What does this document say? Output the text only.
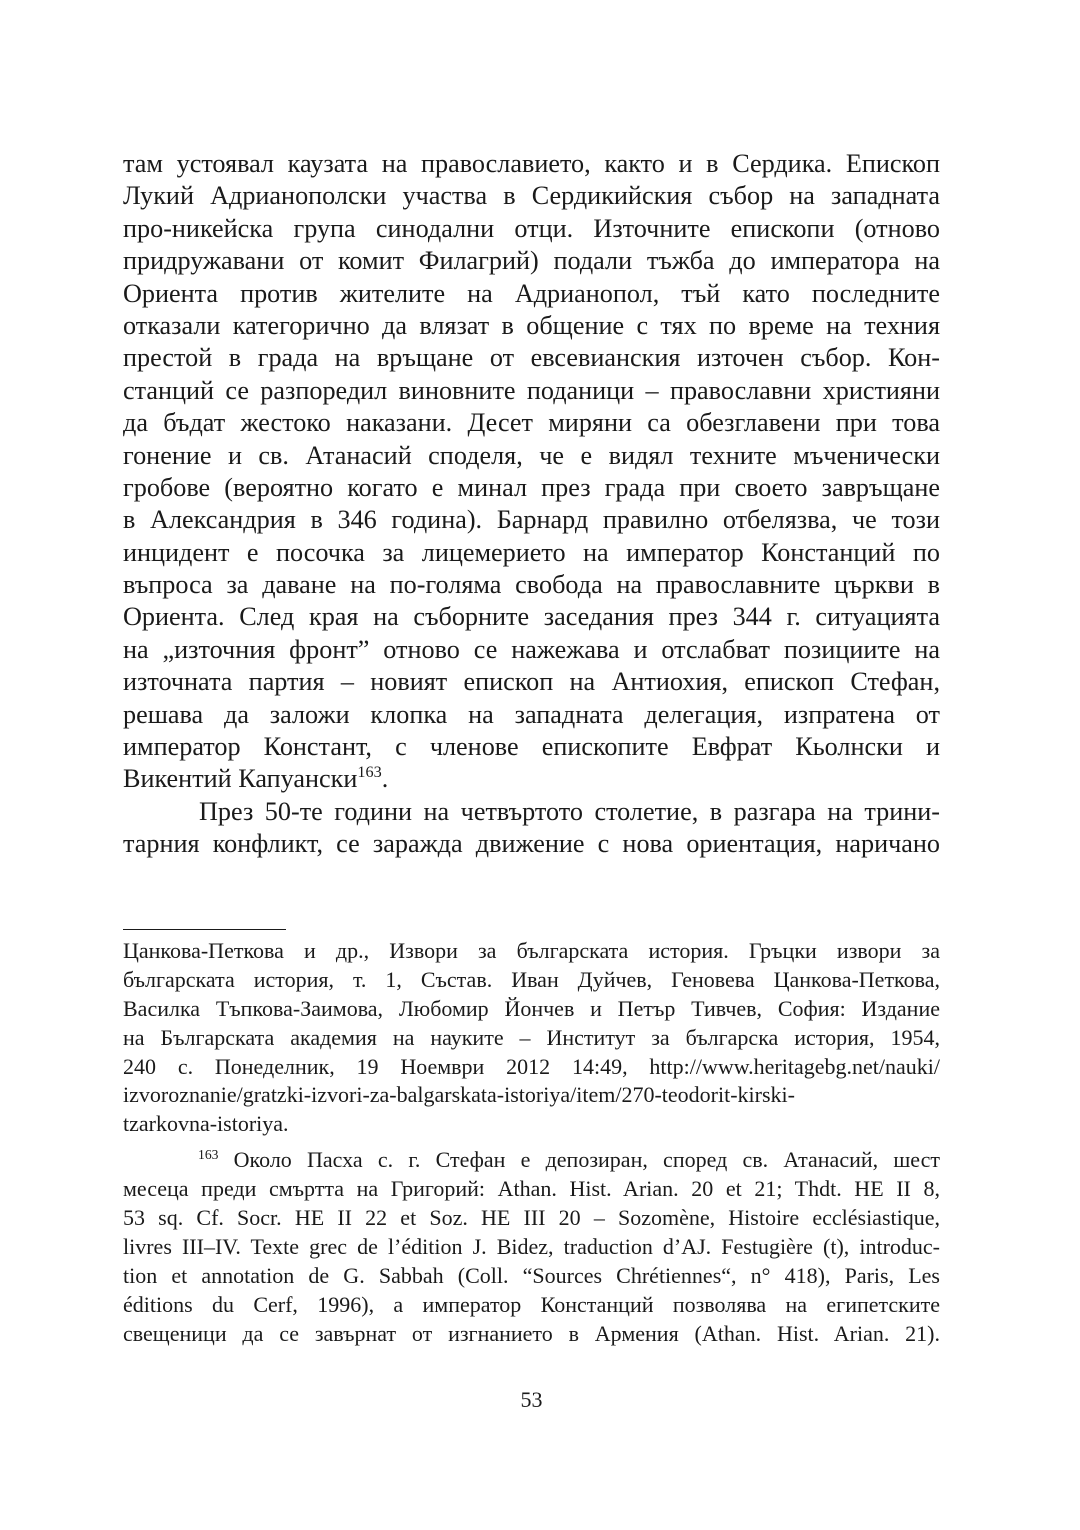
там устоявал каузата на православието, както и в Сердика. Епископ
Лукий Адрианополски участва в Сердикийския събор на западната
про-никейска група синодални отци. Източните епископи (отново
придружавани от комит Филагрий) подали тъжба до императора на
Ориента против жителите на Адрианопол, тъй като последните
отказали категорично да влязат в общение с тях по време на техния
престой в града на връщане от евсевианския източен събор. Кон-
станций се разпоредил виновните поданици – православни християни
да бъдат жестоко наказани. Десет миряни са обезглавени при това
гонение и св. Атанасий споделя, че е видял техните мъченически
гробове (вероятно когато е минал през града при своето завръщане
в Александрия в 346 година). Барнард правилно отбелязва, че този
инцидент е посочка за лицемерието на император Констанций по
въпроса за даване на по-голяма свобода на православните църкви в
Ориента. След края на съборните заседания през 344 г. ситуацията
на „източния фронт” отново се нажежава и отслабват позициите на
източната партия – новият епископ на Антиохия, епископ Стефан,
решава да заложи клопка на западната делегация, изпратена от
император Констант, с членове епископите Евфрат Кьолнски и
Викентий Капуански$^{163}$.
През 50-те години на четвъртото столетие, в разгара на трини-
тарния конфликт, се заражда движение с нова ориентация, наричано
Цанкова-Петкова и др., Извори за българската история. Гръцки извори за
българската история, т. 1, Състав. Иван Дуйчев, Геновева Цанкова-Петкова,
Василка Тъпкова-Заимова, Любомир Йончев и Петър Тивчев, София: Издание
на Българската академия на науките – Институт за българска история, 1954,
240 с. Понеделник, 19 Ноември 2012 14:49, http://www.heritagebg.net/nauki/
izvoroznanie/gratzki-izvori-za-balgarskata-istoriya/item/270-teodorit-kirski-
tzarkovna-istoriya.
$^{163}$ Около Пасха с. г. Стефан е депозиран, според св. Атанасий, шест
месеца преди смъртта на Григорий: Athan. Hist. Arian. 20 et 21; Thdt. HE II 8,
53 sq. Cf. Socr. HE II 22 et Soz. HE III 20 – Sozomène, Histoire ecclésiastique,
livres III–IV. Texte grec de l’édition J. Bidez, traduction d’AJ. Festugière (t), introduc-
tion et annotation de G. Sabbah (Coll. “Sources Chrétiennes“, n° 418), Paris, Les
éditions du Cerf, 1996), а император Констанций позволява на египетските
свещеници да се завърнат от изгнанието в Армения (Athan. Hist. Arian. 21).
53
